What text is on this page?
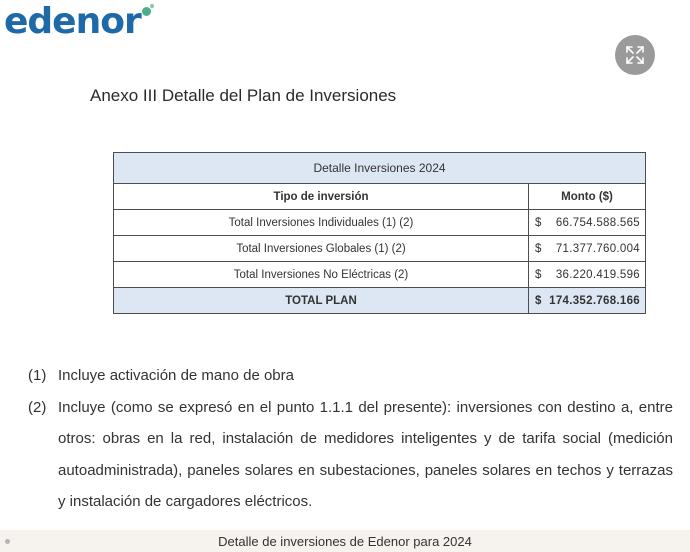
edenor
Anexo III Detalle del Plan de Inversiones
Detalle Inversiones 2024	
Tipo de inversión	Monto ($)
Total Inversiones Individuales (1) (2)	$ 66.754.588.565

Total Inversiones Globales (1) (2)	$ 71.377.760.004

Total Inversiones No Eléctricas (2)	$ 36.220.419.596

TOTAL PLAN	$ 174.352.768.166
(1) Incluye activación de mano de obra
(2) Incluye (como se expresó en el punto 1.1.1 del presente): inversiones con destino a, entre otros: obras en la red, instalación de medidores inteligentes y de tarifa social (medición autoadministrada), paneles solares en subestaciones, paneles solares en techos y terrazas y instalación de cargadores eléctricos.
Detalle de inversiones de Edenor para 2024
